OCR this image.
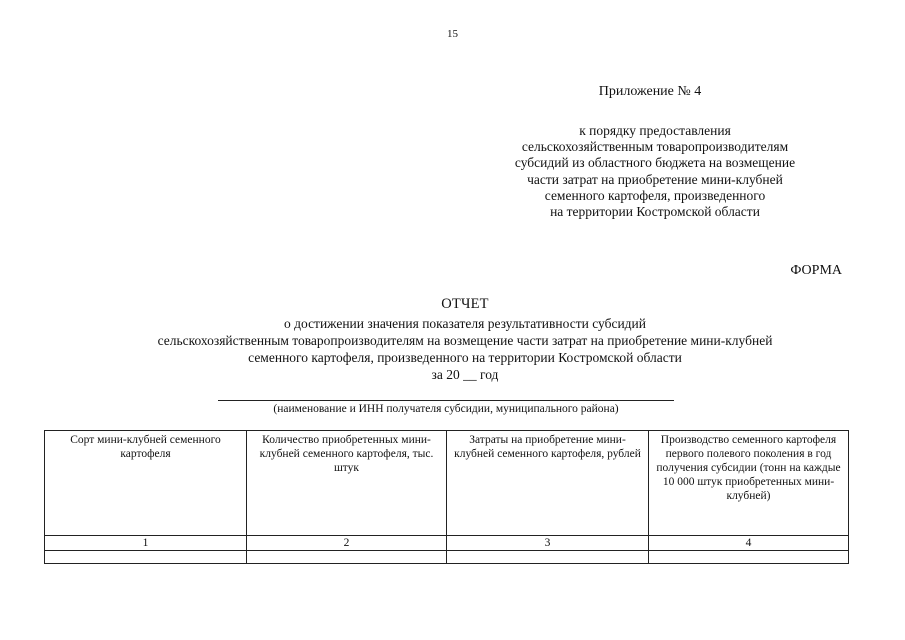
15
Приложение № 4
к порядку предоставления
сельскохозяйственным товаропроизводителям
субсидий из областного бюджета на возмещение
части затрат на приобретение мини-клубней
семенного картофеля, произведенного
на территории Костромской области
ФОРМА
ОТЧЕТ
о достижении значения показателя результативности субсидий
сельскохозяйственным товаропроизводителям на возмещение части затрат на приобретение мини-клубней
семенного картофеля, произведенного на территории Костромской области
за 20 __ год
(наименование и ИНН получателя субсидии, муниципального района)
Сорт мини-клубней семенного картофеля	Количество приобретенных мини-клубней семенного картофеля, тыс. штук	Затраты на приобретение мини-клубней семенного картофеля, рублей	Производство семенного картофеля первого полевого поколения в год получения субсидии (тонн на каждые 10 000 штук приобретенных мини-клубней)
1	2	3	4
